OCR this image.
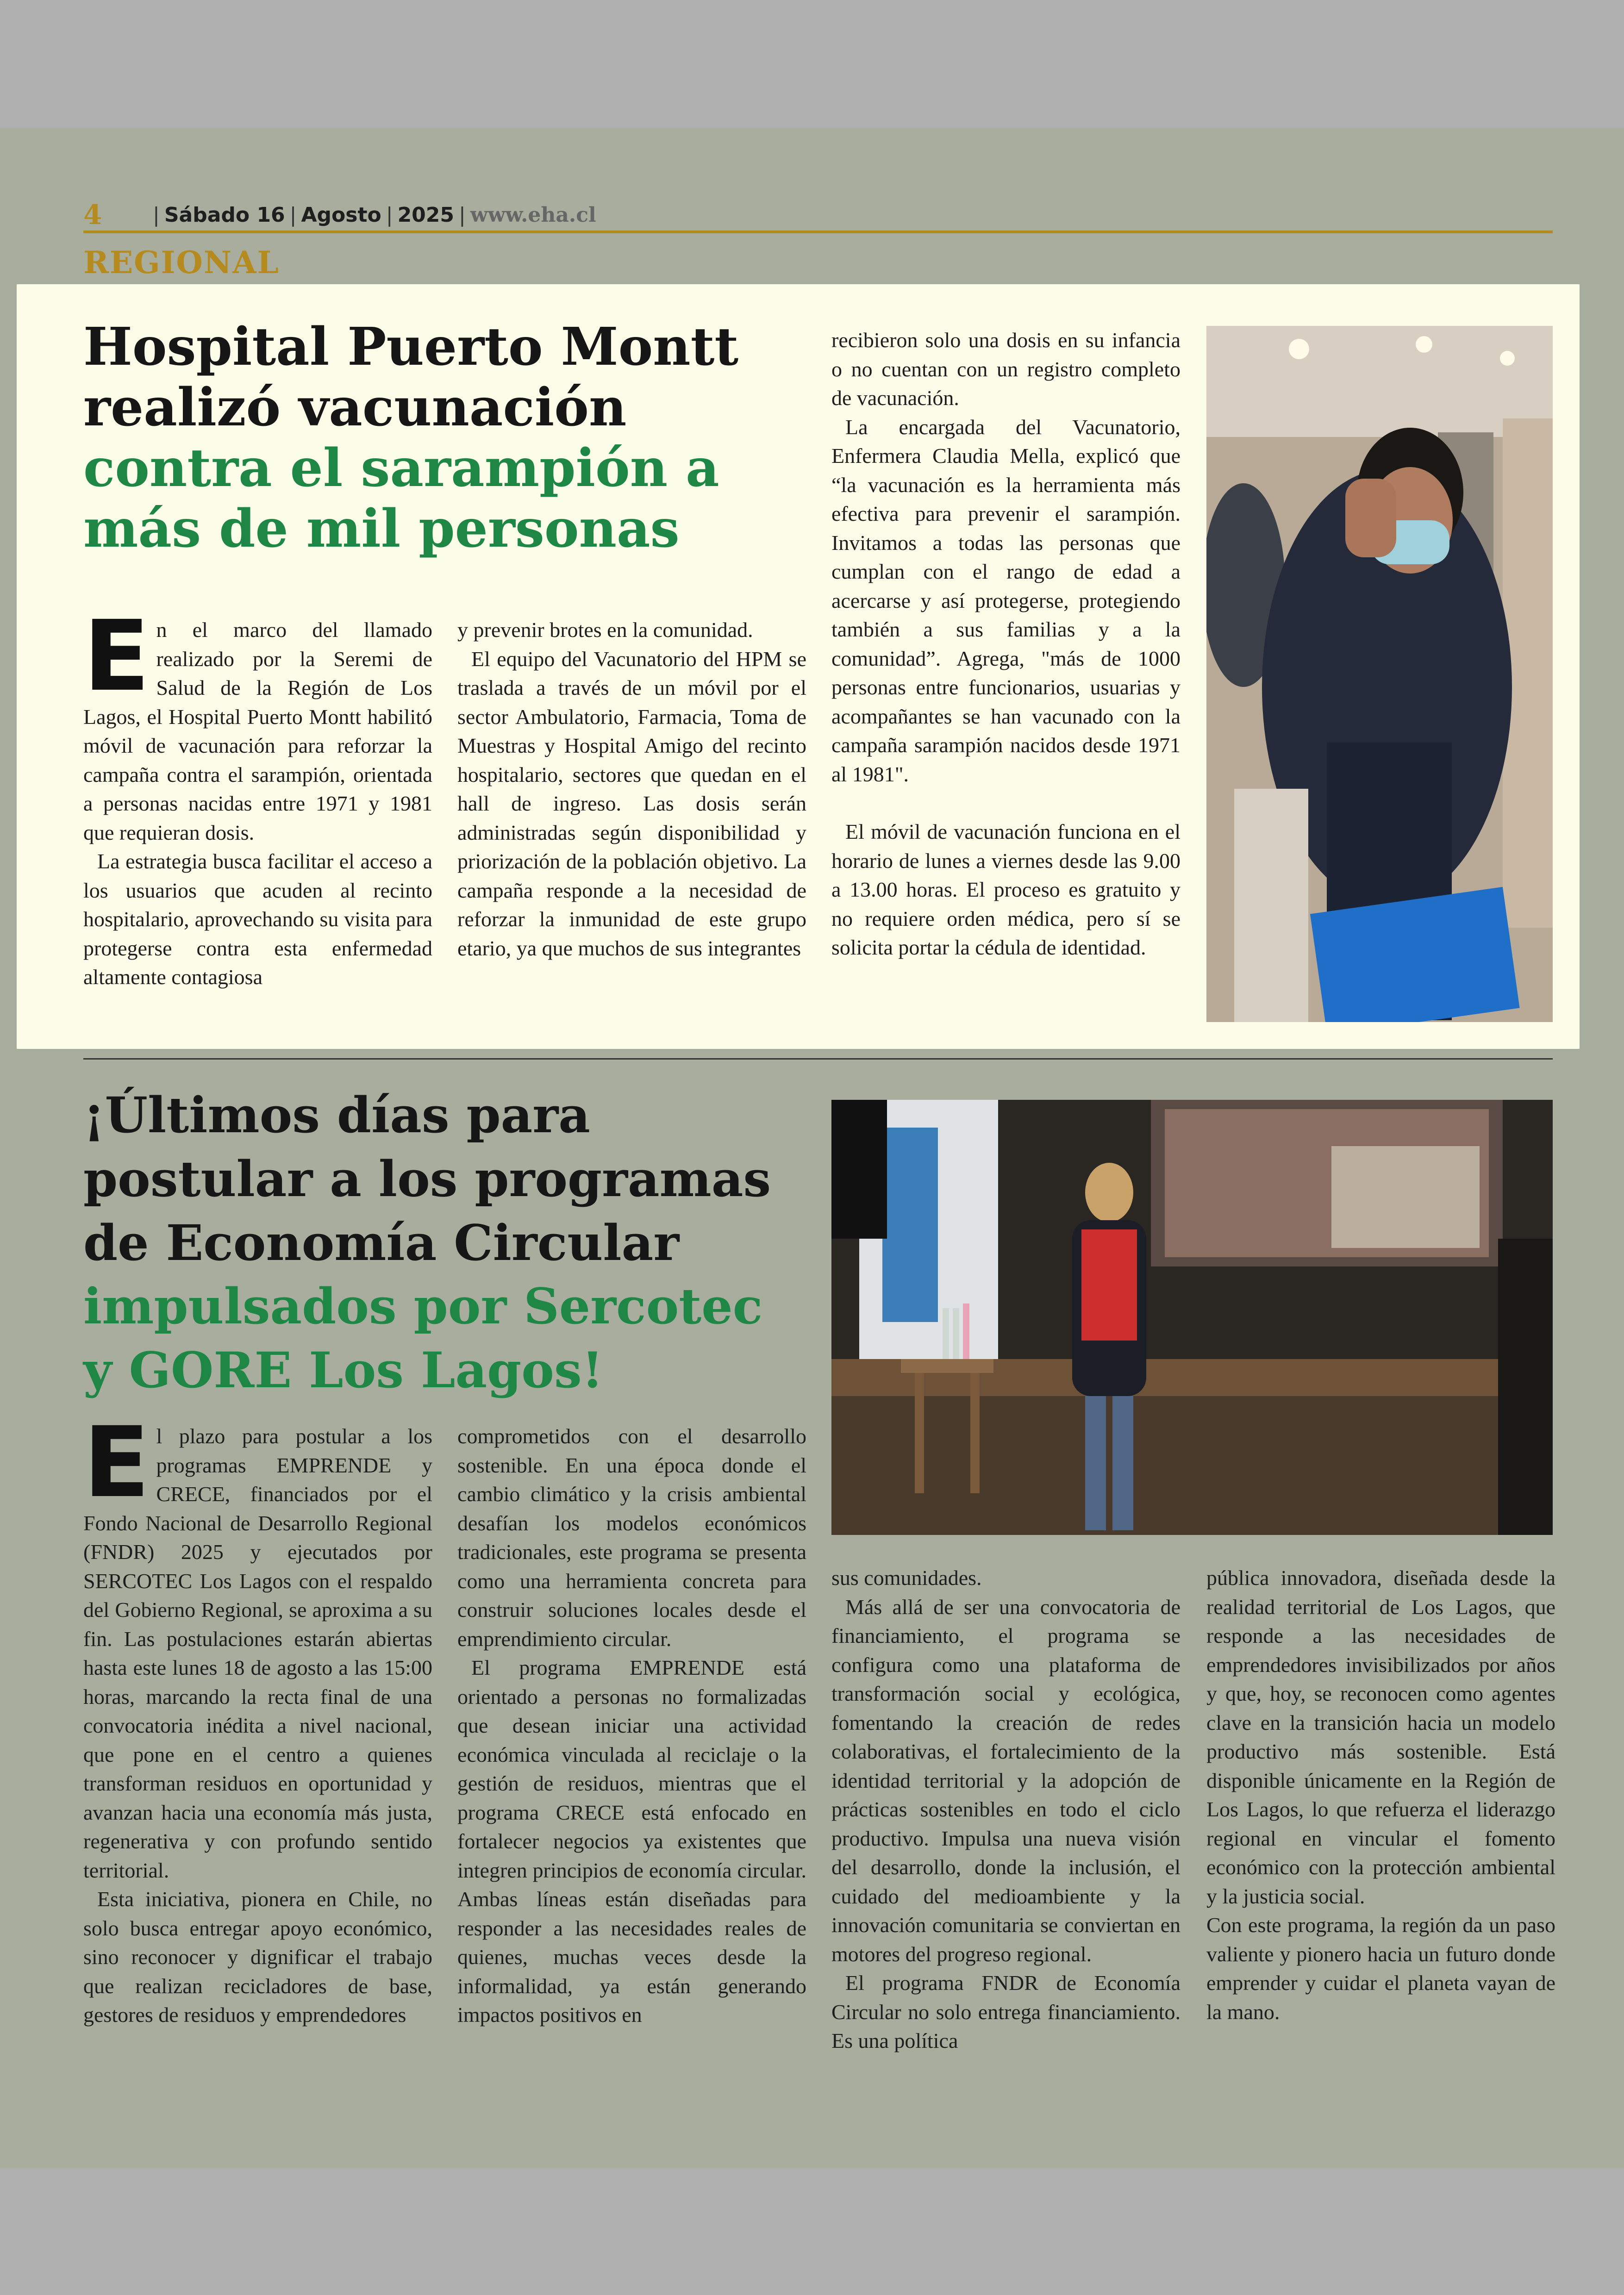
4	| Sábado 16 | Agosto | 2025 | www.eha.cl
REGIONAL
Hospital Puerto Montt
realizó vacunación
contra el sarampión a
más de mil personas

En el marco del llamado realizado por la Seremi de Salud de la Región de Los Lagos, el Hospital Puerto Montt habilitó móvil de vacunación para reforzar la campaña contra el sarampión, orientada a personas nacidas entre 1971 y 1981 que requieran dosis.

La estrategia busca facilitar el acceso a los usuarios que acuden al recinto hospitalario, aprovechando su visita para protegerse contra esta enfermedad altamente contagiosa

y prevenir brotes en la comunidad.

El equipo del Vacunatorio del HPM se traslada a través de un móvil por el sector Ambulatorio, Farmacia, Toma de Muestras y Hospital Amigo del recinto hospitalario, sectores que quedan en el hall de ingreso. Las dosis serán administradas según disponibilidad y priorización de la población objetivo. La campaña responde a la necesidad de reforzar la inmunidad de este grupo etario, ya que muchos de sus integrantes

recibieron solo una dosis en su infancia o no cuentan con un registro completo de vacunación.

La encargada del Vacunatorio, Enfermera Claudia Mella, explicó que “la vacunación es la herramienta más efectiva para prevenir el sarampión. Invitamos a todas las personas que cumplan con el rango de edad a acercarse y así protegerse, protegiendo también a sus familias y a la comunidad”. Agrega, "más de 1000 personas entre funcionarios, usuarias y acompañantes se han vacunado con la campaña sarampión nacidos desde 1971 al 1981".

El móvil de vacunación funciona en el horario de lunes a viernes desde las 9.00 a 13.00 horas. El proceso es gratuito y no requiere orden médica, pero sí se solicita portar la cédula de identidad.

¡Últimos días para
postular a los programas
de Economía Circular
impulsados por Sercotec
y GORE Los Lagos!

El plazo para postular a los programas EMPRENDE y CRECE, financiados por el Fondo Nacional de Desarrollo Regional (FNDR) 2025 y ejecutados por SERCOTEC Los Lagos con el respaldo del Gobierno Regional, se aproxima a su fin. Las postulaciones estarán abiertas hasta este lunes 18 de agosto a las 15:00 horas, marcando la recta final de una convocatoria inédita a nivel nacional, que pone en el centro a quienes transforman residuos en oportunidad y avanzan hacia una economía más justa, regenerativa y con profundo sentido territorial.

Esta iniciativa, pionera en Chile, no solo busca entregar apoyo económico, sino reconocer y dignificar el trabajo que realizan recicladores de base, gestores de residuos y emprendedores

comprometidos con el desarrollo sostenible. En una época donde el cambio climático y la crisis ambiental desafían los modelos económicos tradicionales, este programa se presenta como una herramienta concreta para construir soluciones locales desde el emprendimiento circular.

El programa EMPRENDE está orientado a personas no formalizadas que desean iniciar una actividad económica vinculada al reciclaje o la gestión de residuos, mientras que el programa CRECE está enfocado en fortalecer negocios ya existentes que integren principios de economía circular. Ambas líneas están diseñadas para responder a las necesidades reales de quienes, muchas veces desde la informalidad, ya están generando impactos positivos en

sus comunidades.

Más allá de ser una convocatoria de financiamiento, el programa se configura como una plataforma de transformación social y ecológica, fomentando la creación de redes colaborativas, el fortalecimiento de la identidad territorial y la adopción de prácticas sostenibles en todo el ciclo productivo. Impulsa una nueva visión del desarrollo, donde la inclusión, el cuidado del medioambiente y la innovación comunitaria se conviertan en motores del progreso regional.

El programa FNDR de Economía Circular no solo entrega financiamiento. Es una política

pública innovadora, diseñada desde la realidad territorial de Los Lagos, que responde a las necesidades de emprendedores invisibilizados por años y que, hoy, se reconocen como agentes clave en la transición hacia un modelo productivo más sostenible. Está disponible únicamente en la Región de Los Lagos, lo que refuerza el liderazgo regional en vincular el fomento económico con la protección ambiental y la justicia social.

Con este programa, la región da un paso valiente y pionero hacia un futuro donde emprender y cuidar el planeta vayan de la mano.
